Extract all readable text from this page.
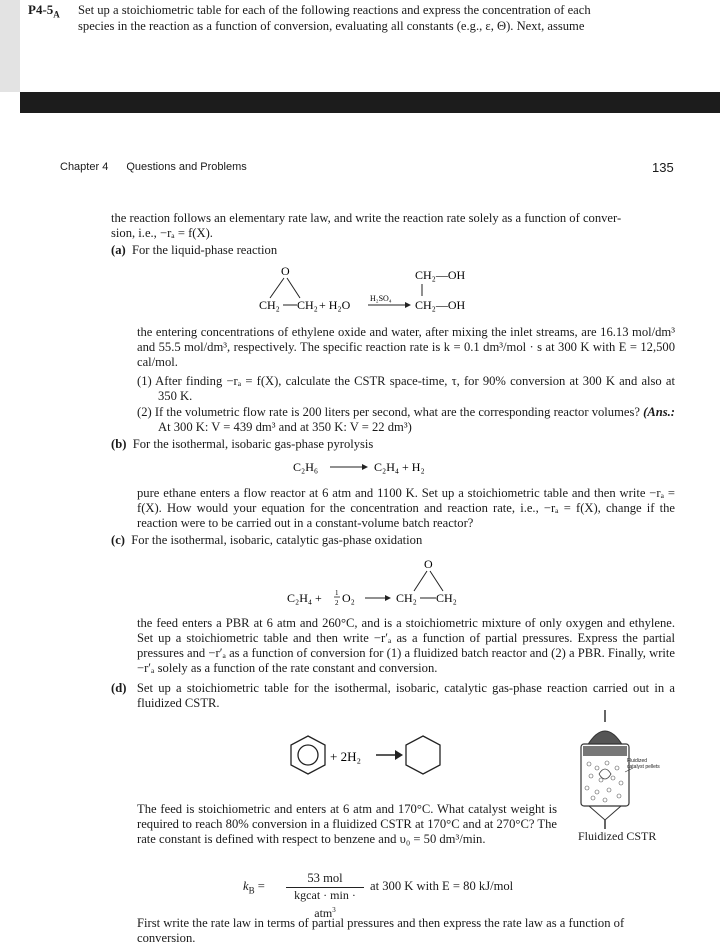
$P4-5_A$ Set up a stoichiometric table for each of the following reactions and express the concentration of each
species in the reaction as a function of conversion, evaluating all constants (e.g., ε, Θ). Next, assume
Chapter 4 Questions and Problems	135
the reaction follows an elementary rate law, and write the reaction rate solely as a function of conver-
sion, i.e., −rₐ = f(X).
(a) For the liquid-phase reaction
O
CH₂ CH₂ + H₂O H₂SO₄
CH₂—OH
CH₂—OH
the entering concentrations of ethylene oxide and water, after mixing the inlet streams, are 16.13 mol/dm³ and 55.5 mol/dm³, respectively. The specific reaction rate is k = 0.1 dm³/mol · s at 300 K with E = 12,500 cal/mol.
(1) After finding −rₐ = f(X), calculate the CSTR space-time, τ, for 90% conversion at 300 K and also at 350 K.
(2) If the volumetric flow rate is 200 liters per second, what are the corresponding reactor volumes? (Ans.: At 300 K: V = 439 dm³ and at 350 K: V = 22 dm³)
(b) For the isothermal, isobaric gas-phase pyrolysis
C₂H₆	C₂H₄ + H₂
pure ethane enters a flow reactor at 6 atm and 1100 K. Set up a stoichiometric table and then write −rₐ = f(X). How would your equation for the concentration and reaction rate, i.e., −rₐ = f(X), change if the reaction were to be carried out in a constant-volume batch reactor?
(c) For the isothermal, isobaric, catalytic gas-phase oxidation
C₂H₄ + 1
2 O₂
O
CH₂ CH₂
the feed enters a PBR at 6 atm and 260°C, and is a stoichiometric mixture of only oxygen and ethylene. Set up a stoichiometric table and then write −r′ₐ as a function of partial pressures. Express the partial pressures and −r′ₐ as a function of conversion for (1) a fluidized batch reactor and (2) a PBR. Finally, write −r′ₐ solely as a function of the rate constant and conversion.
(d) Set up a stoichiometric table for the isothermal, isobaric, catalytic gas-phase reaction carried out in a fluidized CSTR.
+ 2H₂	Fluidized catalyst pellets
The feed is stoichiometric and enters at 6 atm and 170°C. What catalyst weight is required to reach 80% conversion in a fluidized CSTR at 170°C and at 270°C? The rate constant is defined with respect to benzene and υ₀ = 50 dm³/min.	Fluidized CSTR
$k_B$ =
53 mol
kgcat · min · atm$^3$
at 300 K with E = 80 kJ/mol
First write the rate law in terms of partial pressures and then express the rate law as a function of
conversion.
